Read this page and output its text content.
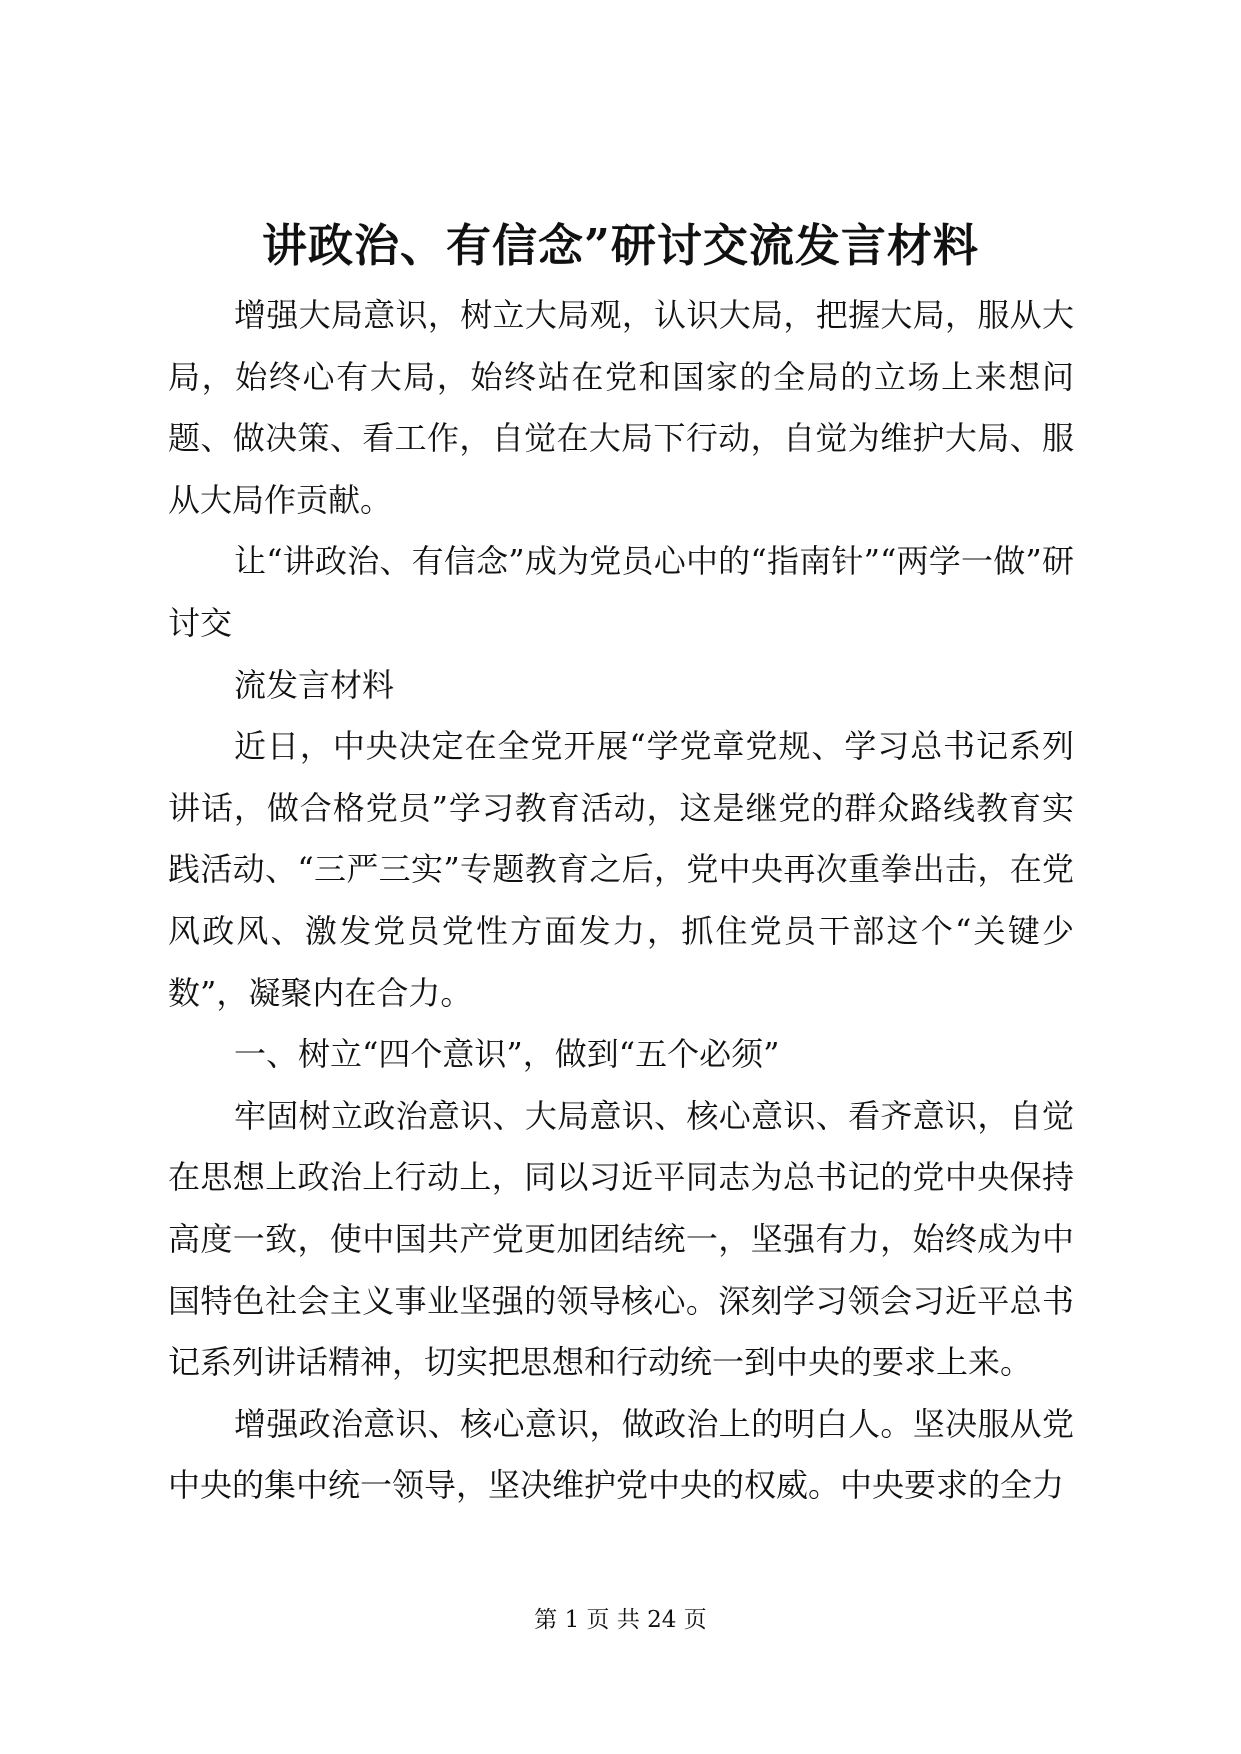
讲政治、有信念”研讨交流发言材料

增强大局意识，树立大局观，认识大局，把握大局，服从大局，始终心有大局，始终站在党和国家的全局的立场上来想问题、做决策、看工作，自觉在大局下行动，自觉为维护大局、服从大局作贡献。

让“讲政治、有信念”成为党员心中的“指南针”“两学一做”研讨交

流发言材料

近日，中央决定在全党开展“学党章党规、学习总书记系列讲话，做合格党员”学习教育活动，这是继党的群众路线教育实践活动、“三严三实”专题教育之后，党中央再次重拳出击，在党风政风、激发党员党性方面发力，抓住党员干部这个“关键少数”，凝聚内在合力。

一、树立“四个意识”，做到“五个必须”

牢固树立政治意识、大局意识、核心意识、看齐意识，自觉在思想上政治上行动上，同以习近平同志为总书记的党中央保持高度一致，使中国共产党更加团结统一，坚强有力，始终成为中国特色社会主义事业坚强的领导核心。深刻学习领会习近平总书记系列讲话精神，切实把思想和行动统一到中央的要求上来。

增强政治意识、核心意识，做政治上的明白人。坚决服从党中央的集中统一领导，坚决维护党中央的权威。中央要求的全力

第 1 页 共 24 页
